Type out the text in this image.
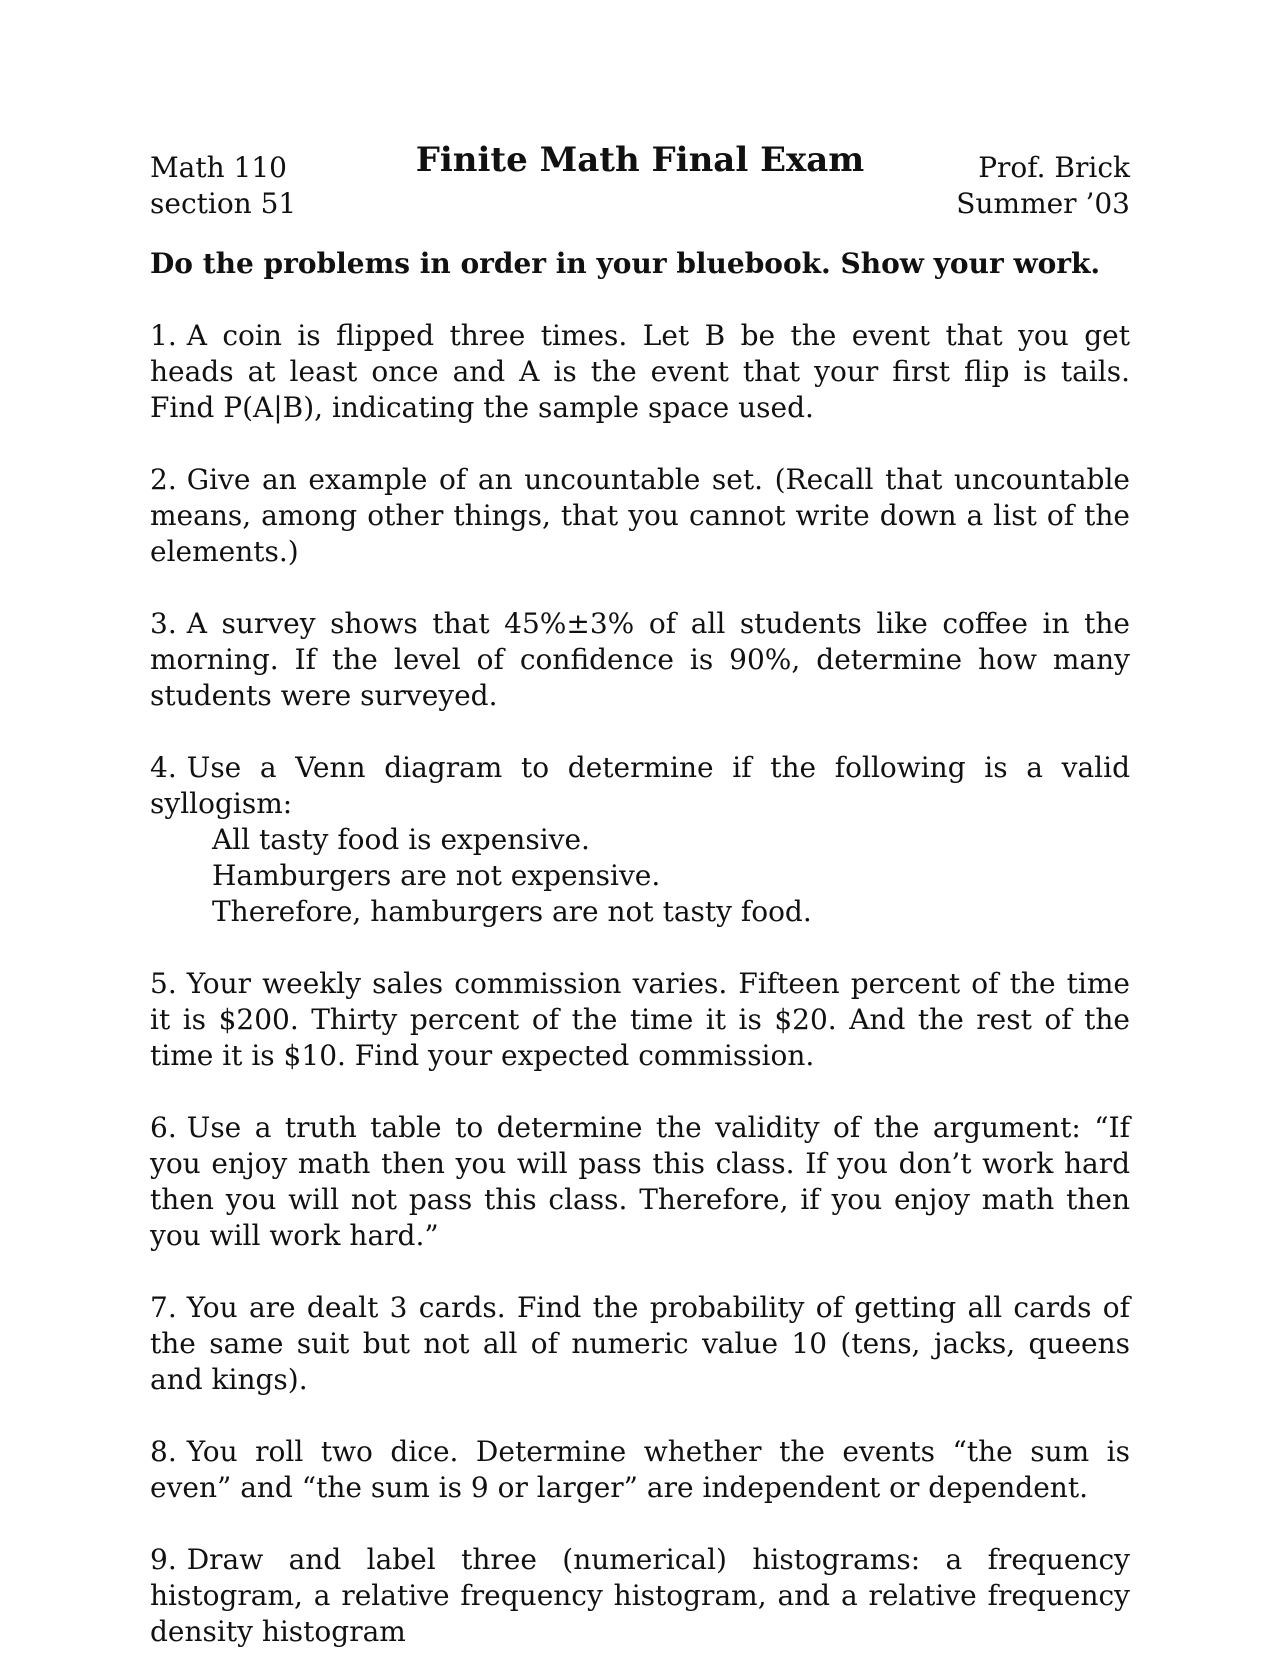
Math 110
section 51
Finite Math Final Exam	Prof. Brick
Summer ’03
Do the problems in order in your bluebook. Show your work.

1. A coin is flipped three times. Let B be the event that you get heads at least once and A is the event that your first flip is tails. Find P(A|B), indicating the sample space used.

2. Give an example of an uncountable set. (Recall that uncountable means, among other things, that you cannot write down a list of the elements.)

3. A survey shows that 45%±3% of all students like coffee in the morning. If the level of confidence is 90%, determine how many students were surveyed.

4. Use a Venn diagram to determine if the following is a valid syllogism:

All tasty food is expensive.
Hamburgers are not expensive.
Therefore, hamburgers are not tasty food.

5. Your weekly sales commission varies. Fifteen percent of the time it is $200. Thirty percent of the time it is $20. And the rest of the time it is $10. Find your expected commission.

6. Use a truth table to determine the validity of the argument: “If you enjoy math then you will pass this class. If you don’t work hard then you will not pass this class. Therefore, if you enjoy math then you will work hard.”

7. You are dealt 3 cards. Find the probability of getting all cards of the same suit but not all of numeric value 10 (tens, jacks, queens and kings).

8. You roll two dice. Determine whether the events “the sum is even” and “the sum is 9 or larger” are independent or dependent.

9. Draw and label three (numerical) histograms: a frequency histogram, a relative frequency histogram, and a relative frequency density histogram
